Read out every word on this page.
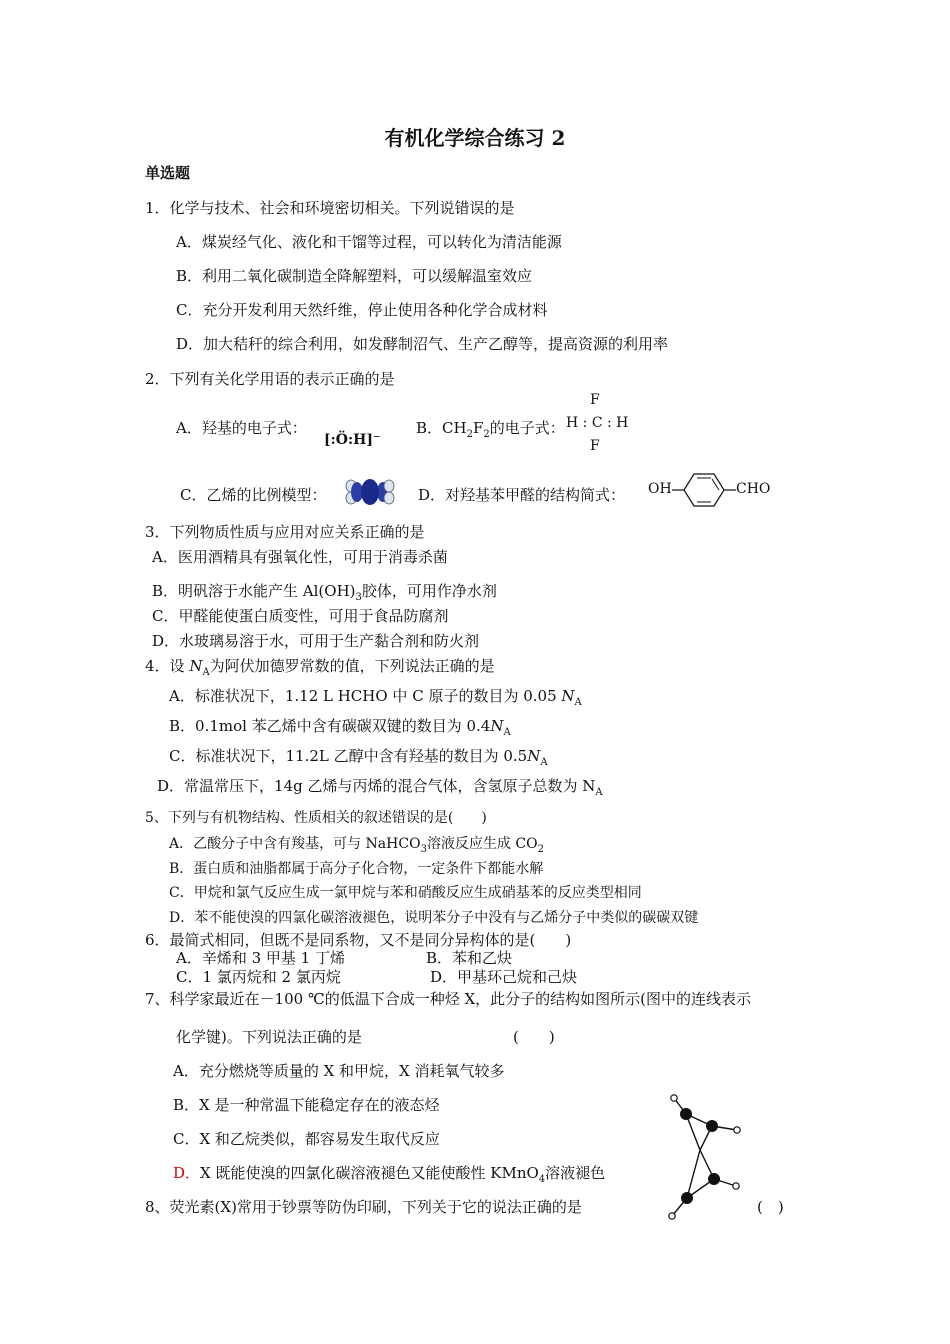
有机化学综合练习 2
单选题
1．化学与技术、社会和环境密切相关。下列说错误的是
A．煤炭经气化、液化和干馏等过程，可以转化为清洁能源
B．利用二氧化碳制造全降解塑料，可以缓解温室效应
C．充分开发利用天然纤维，停止使用各种化学合成材料
D．加大秸秆的综合利用，如发酵制沼气、生产乙醇等，提高资源的利用率
2．下列有关化学用语的表示正确的是
A．羟基的电子式：
[:Ö:H]⁻
B．$CH_2F_2$的电子式：
F
H : C : H
F
C．乙烯的比例模型：	D．对羟基苯甲醛的结构简式： OH	CHO
3．下列物质性质与应用对应关系正确的是
A．医用酒精具有强氧化性，可用于消毒杀菌
B．明矾溶于水能产生 $Al(OH)_3$胶体，可用作净水剂
C．甲醛能使蛋白质变性，可用于食品防腐剂
D．水玻璃易溶于水，可用于生产黏合剂和防火剂
4．设 $N_A$为阿伏加德罗常数的值，下列说法正确的是
A．标准状况下，1.12 L HCHO 中 C 原子的数目为 0.05 $N_A$
B．0.1mol 苯乙烯中含有碳碳双键的数目为 $0.4N_A$
C．标准状况下，11.2L 乙醇中含有羟基的数目为 $0.5N_A$
D．常温常压下，14g 乙烯与丙烯的混合气体，含氢原子总数为 $N_A$
5、下列与有机物结构、性质相关的叙述错误的是(　　)
A．乙酸分子中含有羧基，可与 NaHCO$_3$溶液反应生成 $CO_2$
B．蛋白质和油脂都属于高分子化合物，一定条件下都能水解
C．甲烷和氯气反应生成一氯甲烷与苯和硝酸反应生成硝基苯的反应类型相同
D．苯不能使溴的四氯化碳溶液褪色，说明苯分子中没有与乙烯分子中类似的碳碳双键
6．最简式相同，但既不是同系物，又不是同分异构体的是(　　)
A．辛烯和 3 甲基 1 丁烯	B．苯和乙炔
C．1 氯丙烷和 2 氯丙烷	D．甲基环己烷和己炔
7、科学家最近在－100 ℃的低温下合成一种烃 X，此分子的结构如图所示(图中的连线表示
化学键)。下列说法正确的是	(　　)
A．充分燃烧等质量的 X 和甲烷，X 消耗氧气较多
B．X 是一种常温下能稳定存在的液态烃
C．X 和乙烷类似，都容易发生取代反应
D．X 既能使溴的四氯化碳溶液褪色又能使酸性 KMnO$_4$溶液褪色
8、荧光素(X)常用于钞票等防伪印刷，下列关于它的说法正确的是	(　)
